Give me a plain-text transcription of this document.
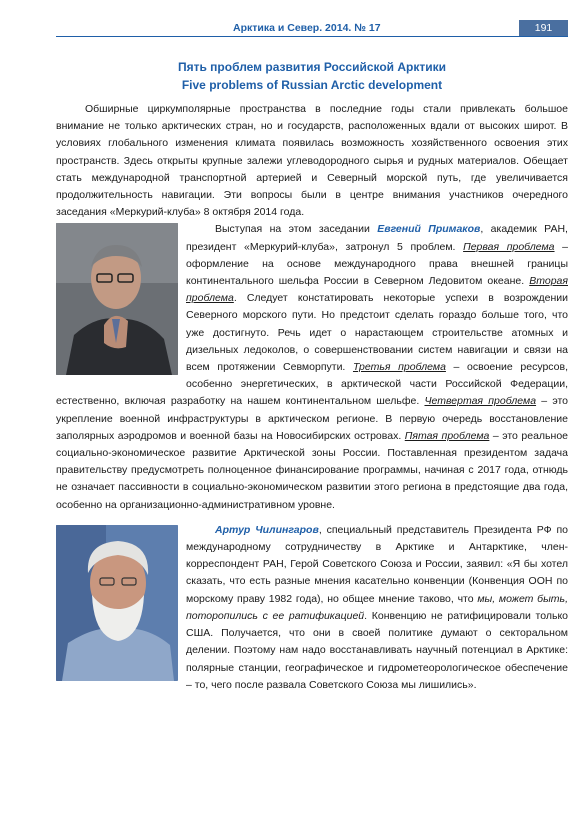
Арктика и Север. 2014. № 17	191
Пять проблем развития Российской Арктики
Five problems of Russian Arctic development

Обширные циркумполярные пространства в последние годы стали привлекать большое внимание не только арктических стран, но и государств, расположенных вдали от высоких широт. В условиях глобального изменения климата появилась возможность хозяйственного освоения этих пространств. Здесь открыты крупные залежи углеводородного сырья и рудных материалов. Обещает стать международной транспортной артерией и Северный морской путь, где увеличивается продолжительность навигации. Эти вопросы были в центре внимания участников очередного заседания «Меркурий-клуба» 8 октября 2014 года.

Выступая на этом заседании Евгений Примаков, академик РАН, президент «Меркурий-клуба», затронул 5 проблем. Первая проблема – оформление на основе международного права внешней границы континентального шельфа России в Северном Ледовитом океане. Вторая проблема. Следует констатировать некоторые успехи в возрождении Северного морского пути. Но предстоит сделать гораздо больше того, что уже достигнуто. Речь идет о нарастающем строительстве атомных и дизельных ледоколов, о совершенствовании систем навигации и связи на всем протяжении Севморпути. Третья проблема – освоение ресурсов, особенно энергетических, в арктической части Российской Федерации, естественно, включая разработку на нашем континентальном шельфе. Четвертая проблема – это укрепление военной инфраструктуры в арктическом регионе. В первую очередь восстановление заполярных аэродромов и военной базы на Новосибирских островах. Пятая проблема – это реальное социально-экономическое развитие Арктической зоны России. Поставленная президентом задача правительству предусмотреть полноценное финансирование программы, начиная с 2017 года, отнюдь не означает пассивности в социально-экономическом развитии этого региона в предстоящие два года, особенно на организационно-административном уровне.

Артур Чилингаров, специальный представитель Президента РФ по международному сотрудничеству в Арктике и Антарктике, член-корреспондент РАН, Герой Советского Союза и России, заявил: «Я бы хотел сказать, что есть разные мнения касательно конвенции (Конвенция ООН по морскому праву 1982 года), но общее мнение таково, что мы, может быть, поторопились с ее ратификацией. Конвенцию не ратифицировали только США. Получается, что они в своей политике думают о секторальном делении. Поэтому нам надо восстанавливать научный потенциал в Арктике: полярные станции, географическое и гидрометеорологическое обеспечение – то, чего после развала Советского Союза мы лишились».
